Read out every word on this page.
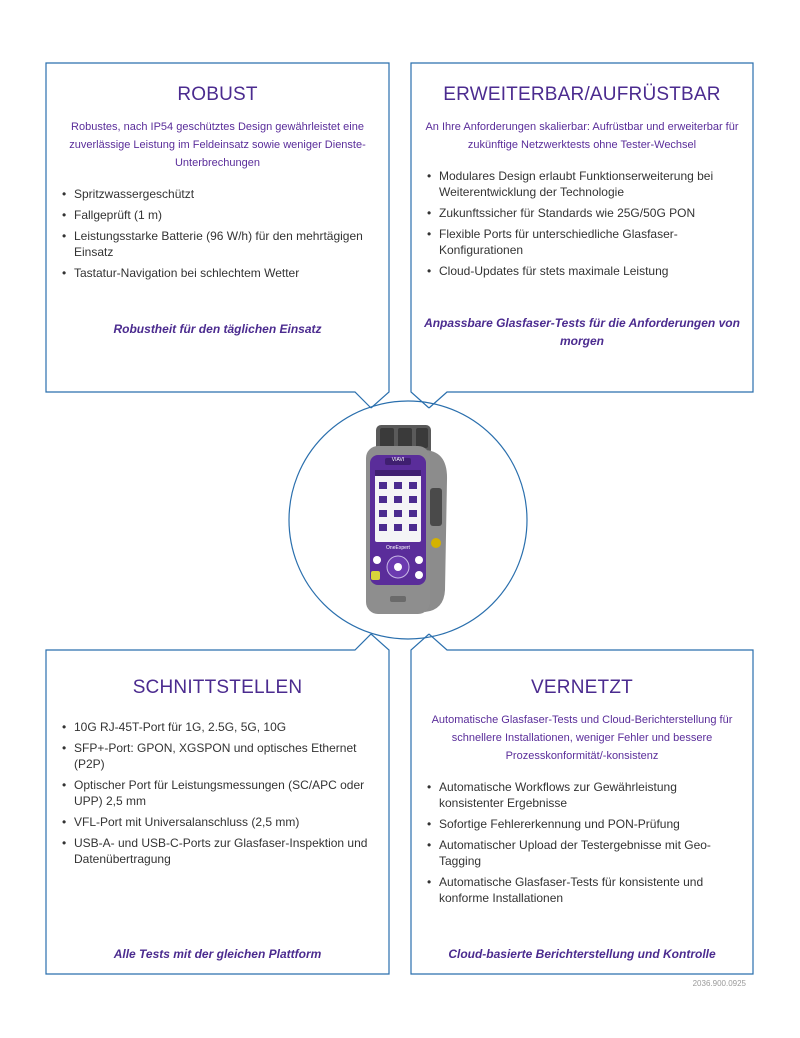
VIAVI
OneExpert
ROBUST

Robustes, nach IP54 geschütztes Design gewährleistet eine zuverlässige Leistung im Feldeinsatz sowie weniger Dienste-Unterbrechungen

• Spritzwassergeschützt
• Fallgeprüft (1 m)
• Leistungsstarke Batterie (96 W/h) für den mehrtägigen Einsatz
• Tastatur-Navigation bei schlechtem Wetter

Robustheit für den täglichen Einsatz

ERWEITERBAR/AUFRÜSTBAR

An Ihre Anforderungen skalierbar: Aufrüstbar und erweiterbar für zukünftige Netzwerktests ohne Tester-Wechsel

• Modulares Design erlaubt Funktionserweiterung bei Weiterentwicklung der Technologie
• Zukunftssicher für Standards wie 25G/50G PON
• Flexible Ports für unterschiedliche Glasfaser-Konfigurationen
• Cloud-Updates für stets maximale Leistung

Anpassbare Glasfaser-Tests für die Anforderungen von morgen

SCHNITTSTELLEN
• 10G RJ-45T-Port für 1G, 2.5G, 5G, 10G
• SFP+-Port: GPON, XGSPON und optisches Ethernet (P2P)
• Optischer Port für Leistungsmessungen (SC/APC oder UPP) 2,5 mm
• VFL-Port mit Universalanschluss (2,5 mm)
• USB-A- und USB-C-Ports zur Glasfaser-Inspektion und Datenübertragung

Alle Tests mit der gleichen Plattform

VERNETZT

Automatische Glasfaser-Tests und Cloud-Berichterstellung für schnellere Installationen, weniger Fehler und bessere Prozesskonformität/-konsistenz

• Automatische Workflows zur Gewährleistung konsistenter Ergebnisse
• Sofortige Fehlererkennung und PON-Prüfung
• Automatischer Upload der Testergebnisse mit Geo-Tagging
• Automatische Glasfaser-Tests für konsistente und konforme Installationen

Cloud-basierte Berichterstellung und Kontrolle

2036.900.0925
